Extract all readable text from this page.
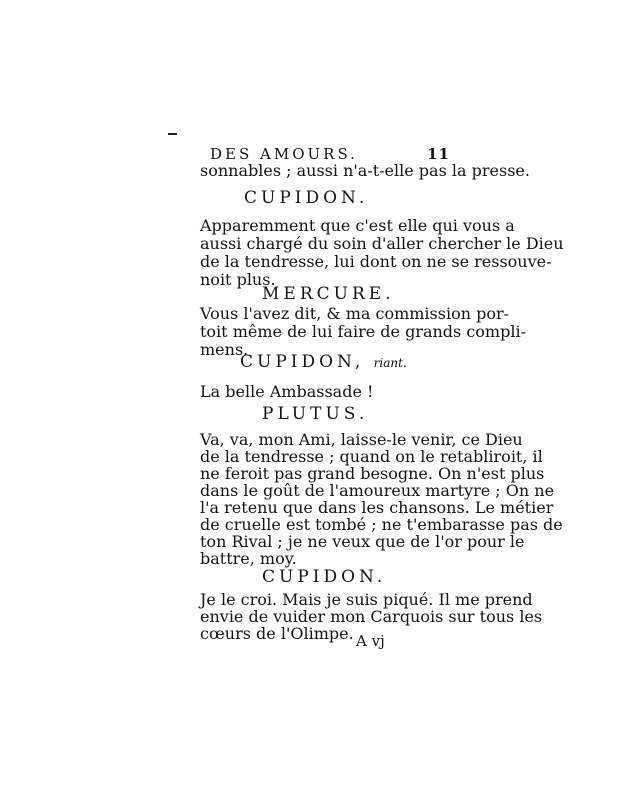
DES AMOURS.	11
sonnables ; aussi n'a-t-elle pas la presse.
CUPIDON.
Apparemment que c'est elle qui vous a
aussi chargé du soin d'aller chercher le Dieu
de la tendresse, lui dont on ne se ressouve-
noit plus.
MERCURE.
Vous l'avez dit, & ma commission por-
toit même de lui faire de grands compli-
mens.
CUPIDON, riant.
La belle Ambassade !
PLUTUS.
Va, va, mon Ami, laisse-le venir, ce Dieu
de la tendresse ; quand on le retabliroit, il
ne feroit pas grand besogne. On n'est plus
dans le goût de l'amoureux martyre ; On ne
l'a retenu que dans les chansons. Le métier
de cruelle est tombé ; ne t'embarasse pas de
ton Rival ; je ne veux que de l'or pour le
battre, moy.
CUPIDON.
Je le croi. Mais je suis piqué. Il me prend
envie de vuider mon Carquois sur tous les
cœurs de l'Olimpe. A vj
